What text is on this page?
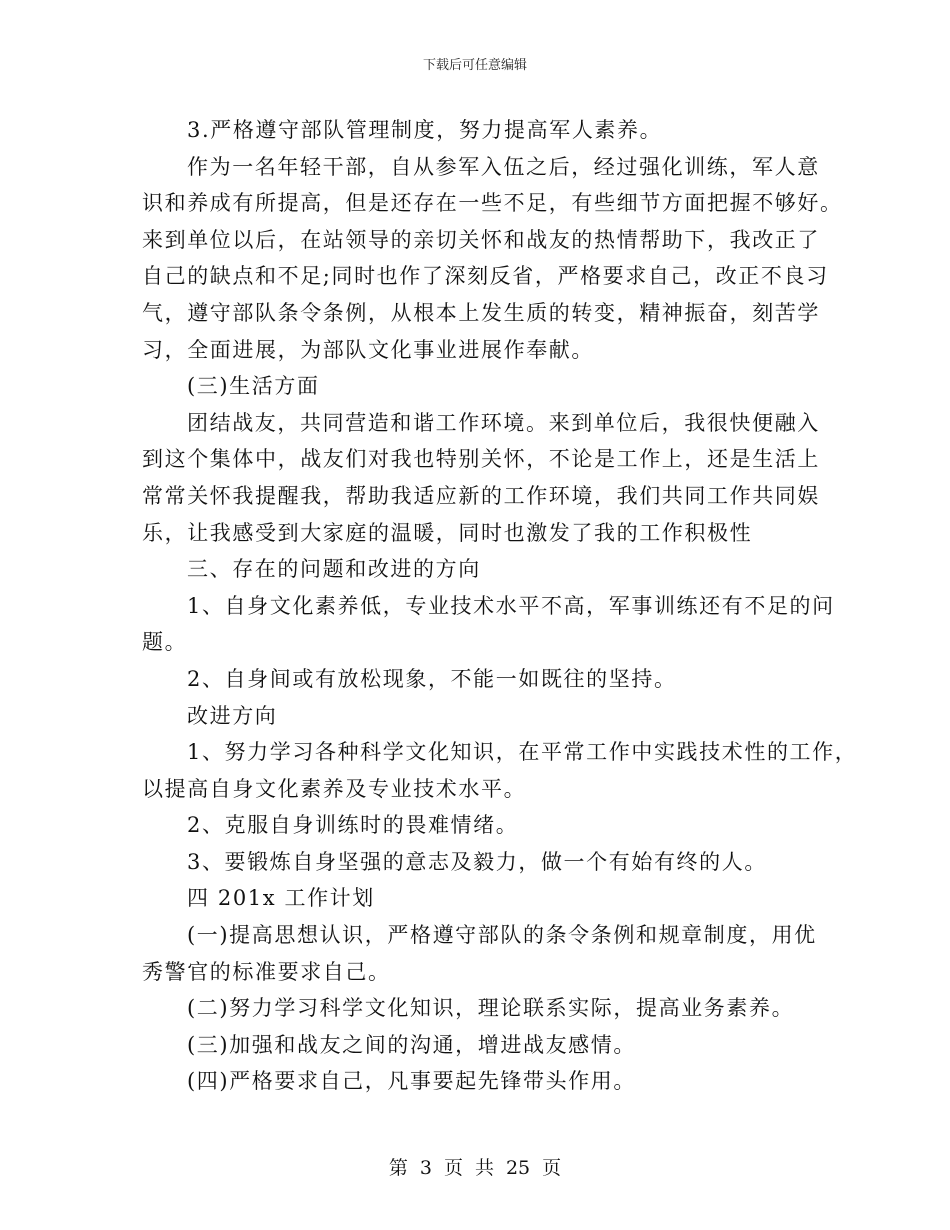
下载后可任意编辑
3.严格遵守部队管理制度，努力提高军人素养。
作为一名年轻干部，自从参军入伍之后，经过强化训练，军人意
识和养成有所提高，但是还存在一些不足，有些细节方面把握不够好。
来到单位以后，在站领导的亲切关怀和战友的热情帮助下，我改正了
自己的缺点和不足;同时也作了深刻反省，严格要求自己，改正不良习
气，遵守部队条令条例，从根本上发生质的转变，精神振奋，刻苦学
习，全面进展，为部队文化事业进展作奉献。
(三)生活方面
团结战友，共同营造和谐工作环境。来到单位后，我很快便融入
到这个集体中，战友们对我也特别关怀，不论是工作上，还是生活上
常常关怀我提醒我，帮助我适应新的工作环境，我们共同工作共同娱
乐，让我感受到大家庭的温暖，同时也激发了我的工作积极性
三、存在的问题和改进的方向
1、自身文化素养低，专业技术水平不高，军事训练还有不足的问
题。
2、自身间或有放松现象，不能一如既往的坚持。
改进方向
1、努力学习各种科学文化知识，在平常工作中实践技术性的工作，
以提高自身文化素养及专业技术水平。
2、克服自身训练时的畏难情绪。
3、要锻炼自身坚强的意志及毅力，做一个有始有终的人。
四 201x 工作计划
(一)提高思想认识，严格遵守部队的条令条例和规章制度，用优
秀警官的标准要求自己。
(二)努力学习科学文化知识，理论联系实际，提高业务素养。
(三)加强和战友之间的沟通，增进战友感情。
(四)严格要求自己，凡事要起先锋带头作用。
第 3 页 共 25 页
